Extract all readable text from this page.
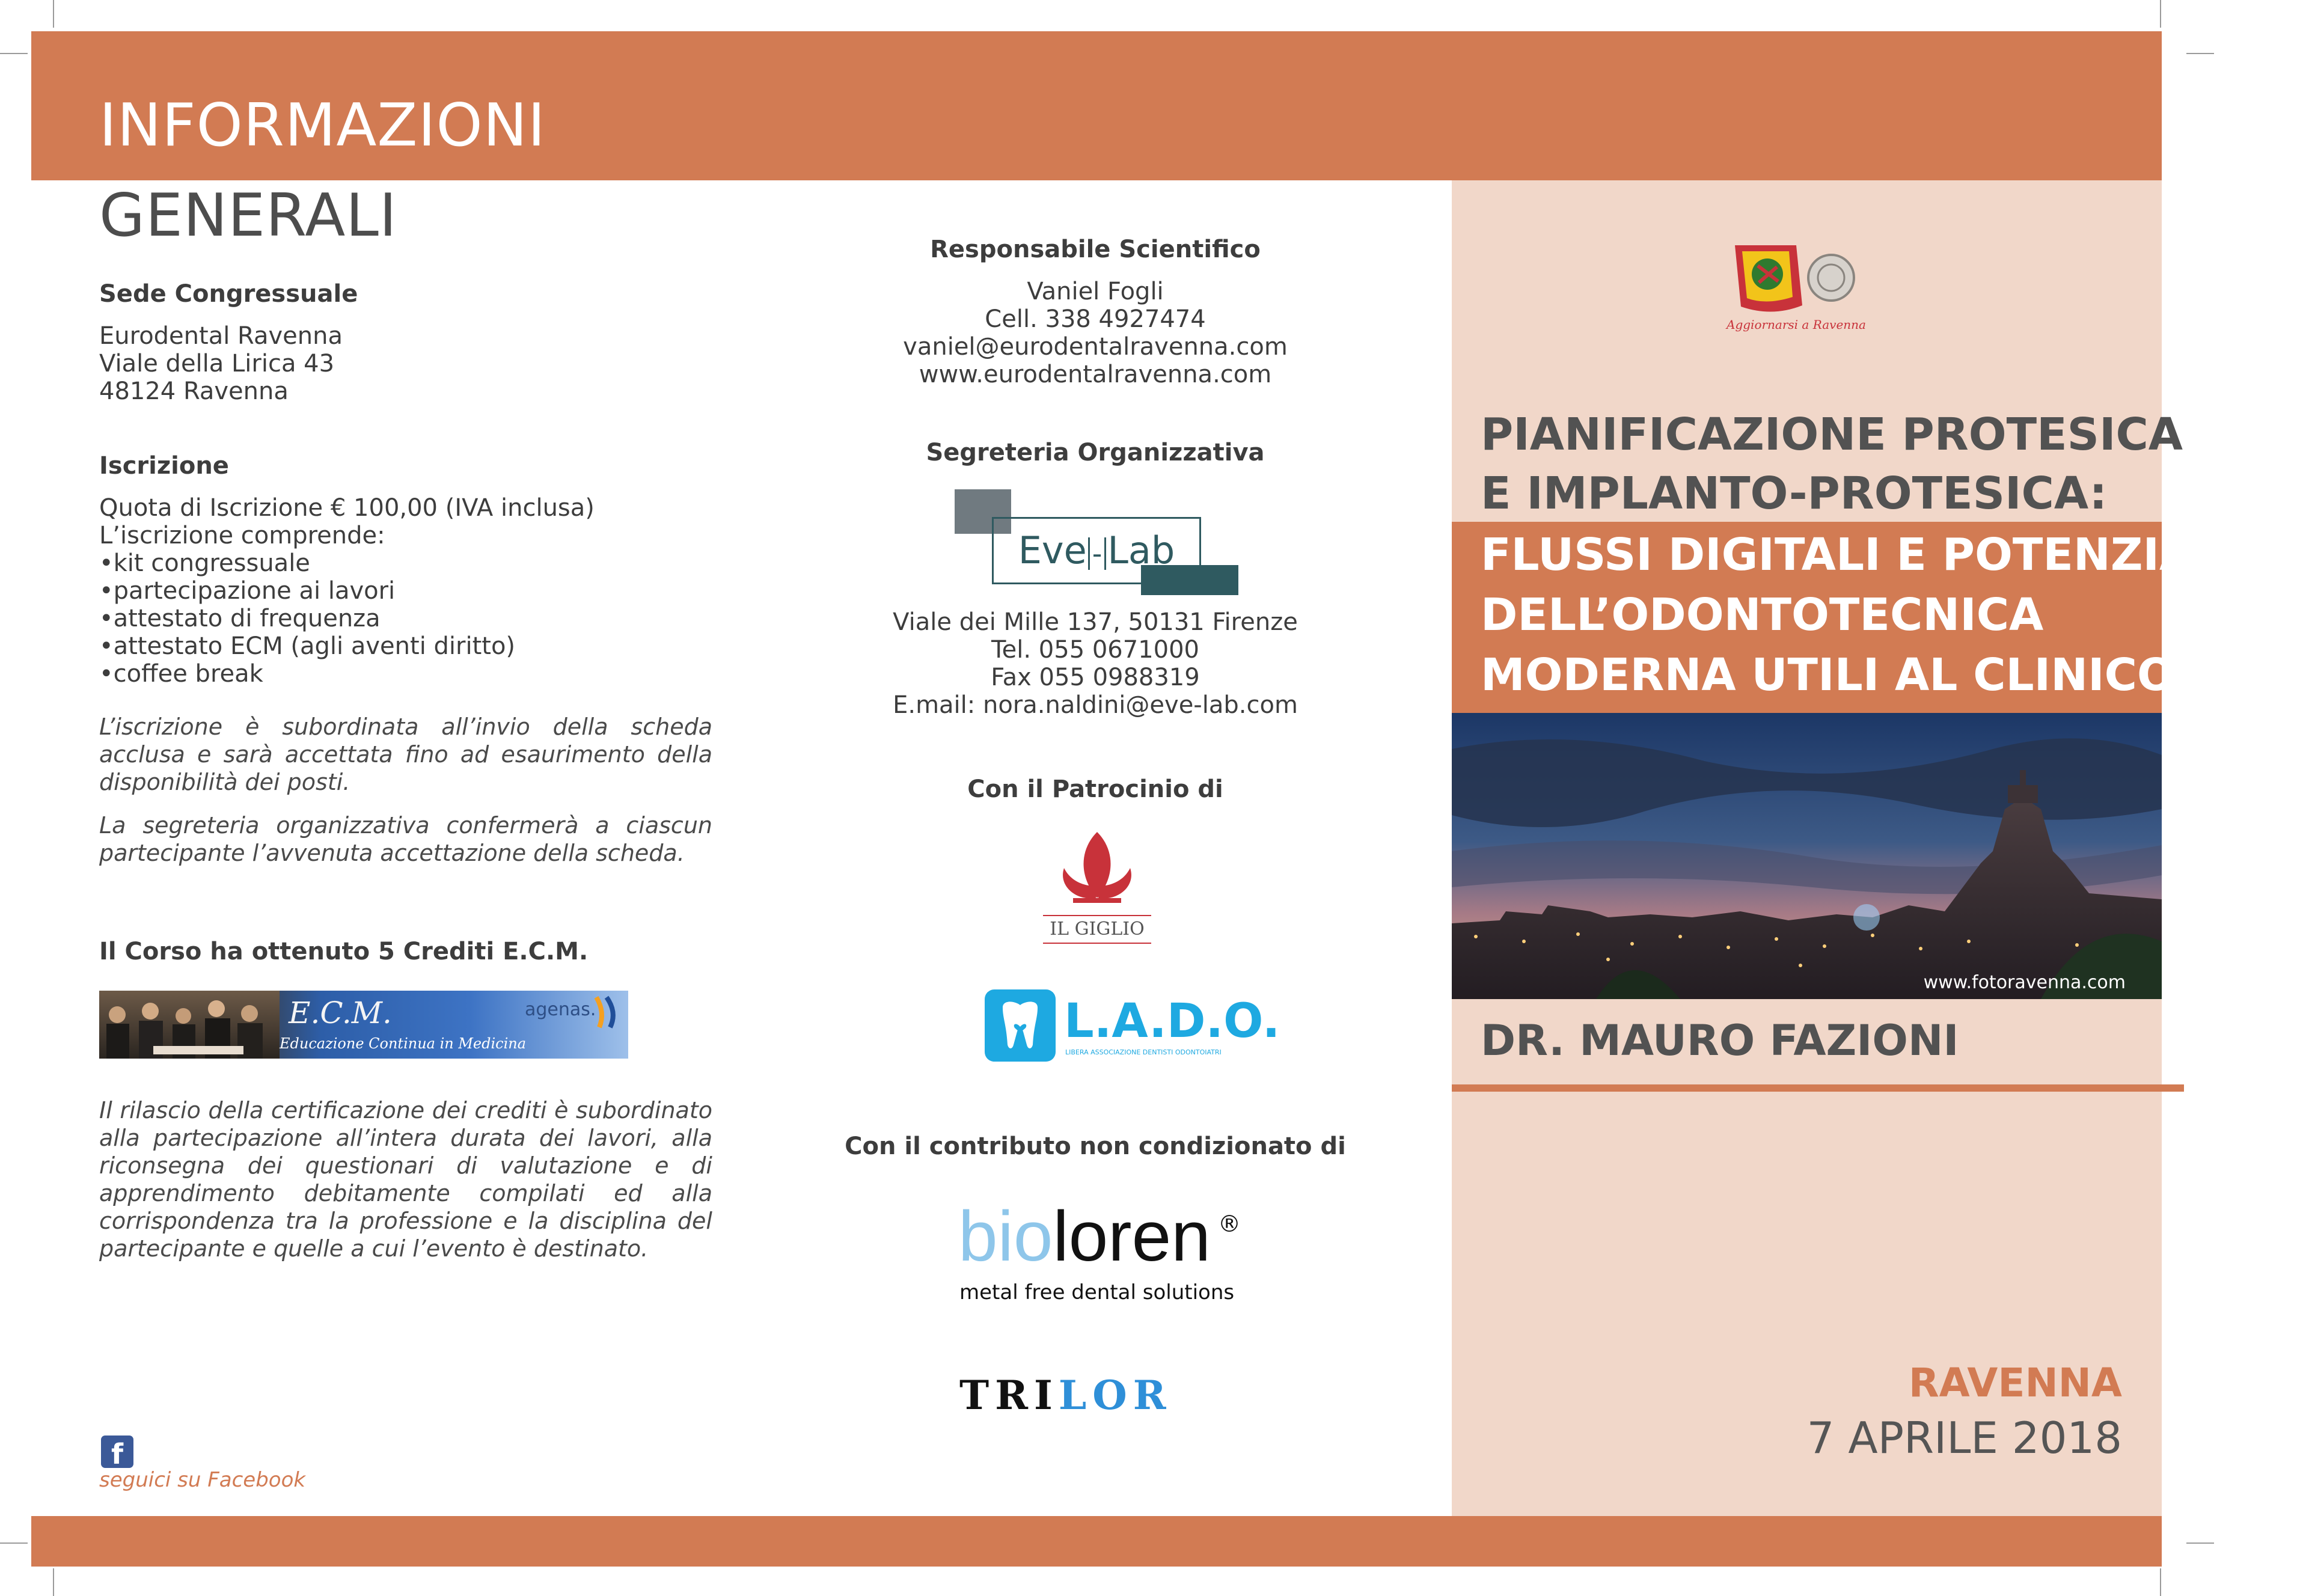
INFORMAZIONI
GENERALI
Sede Congressuale
Eurodental Ravenna
Viale della Lirica 43
48124 Ravenna
Iscrizione
Quota di Iscrizione € 100,00 (IVA inclusa)
L’iscrizione comprende:
•kit congressuale
•partecipazione ai lavori
•attestato di frequenza
•attestato ECM (agli aventi diritto)
•coffee break
L’iscrizione è subordinata all’invio della scheda acclusa e sarà accettata fino ad esaurimento della disponibilità dei posti.
La segreteria organizzativa confermerà a ciascun partecipante l’avvenuta accettazione della scheda.
Il Corso ha ottenuto 5 Crediti E.C.M.
E.C.M.
Educazione Continua in Medicina
agenas.
Il rilascio della certificazione dei crediti è subordinato alla partecipazione all’intera durata dei lavori, alla riconsegna dei questionari di valutazione e di apprendimento debitamente compilati ed alla corrispondenza tra la professione e la disciplina del partecipante e quelle a cui l’evento è destinato.
f
seguici su Facebook
Responsabile Scientifico
Vaniel Fogli
Cell. 338 4927474
vaniel@eurodentalravenna.com
www.eurodentalravenna.com
Segreteria Organizzativa
Eve - Lab
Viale dei Mille 137, 50131 Firenze
Tel. 055 0671000
Fax 055 0988319
E.mail: nora.naldini@eve-lab.com
Con il Patrocinio di
IL GIGLIO
L.A.D.O.
LIBERA ASSOCIAZIONE DENTISTI ODONTOIATRI
Con il contributo non condizionato di
bioloren ®
metal free dental solutions
TRILOR
Aggiornarsi a Ravenna
PIANIFICAZIONE PROTESICA
E IMPLANTO-PROTESICA:
FLUSSI DIGITALI E POTENZIALITÀ
DELL’ODONTOTECNICA
MODERNA UTILI AL CLINICO
www.fotoravenna.com
DR. MAURO FAZIONI
RAVENNA
7 APRILE 2018
